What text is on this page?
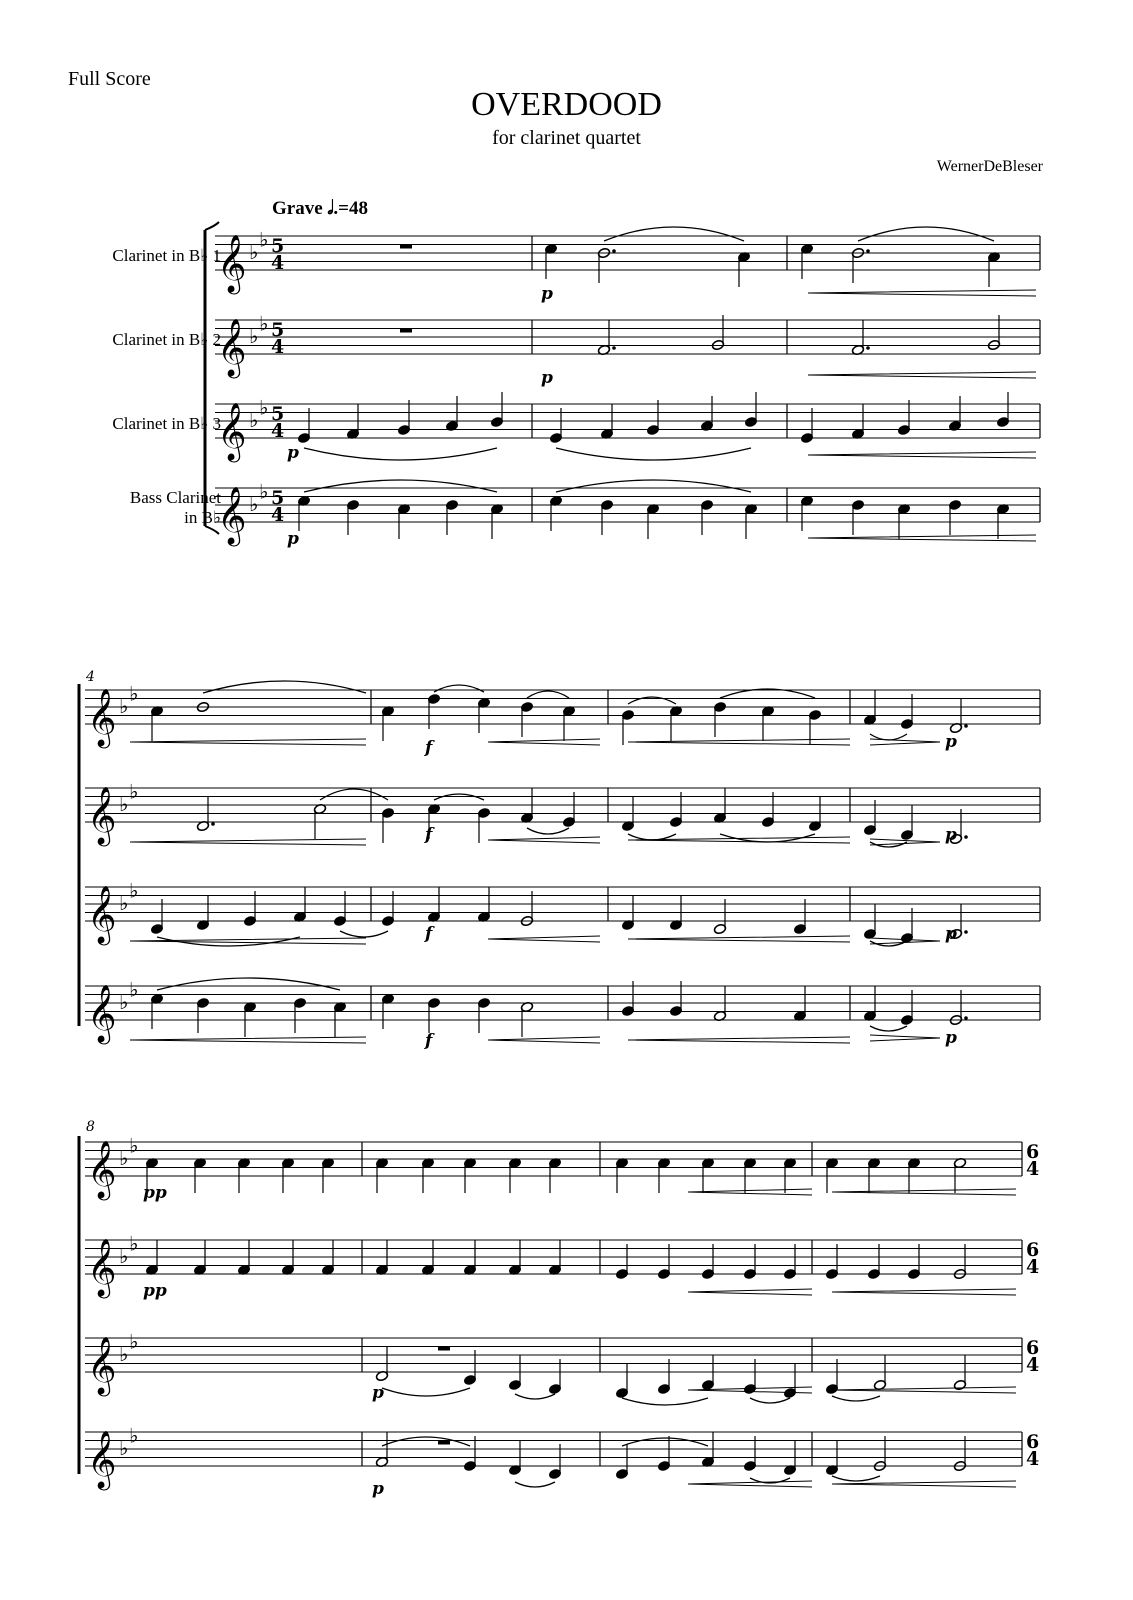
Full Score
OVERDOOD
for clarinet quartet
WernerDeBleser
Grave 𝅗𝅥.=48
Clarinet in B♭ 1
Clarinet in B♭ 2
Clarinet in B♭ 3
Bass Clarinet
in B♭
𝄞 ♭
♭ 5
4
𝄞 ♭
♭ 5
4
𝄞 ♭
♭ 5
4
𝄞 ♭
♭ 5
4
p
p
p
p
4
𝄞 ♭
♭
𝄞 ♭
♭
𝄞 ♭
♭
𝄞 ♭
♭
f	p
f	p
f	p
f	p
8
𝄞 ♭
♭	6
4
𝄞 ♭
♭	6
4
𝄞 ♭
♭	6
4
𝄞 ♭
♭	6
4
pp
pp
p
p
